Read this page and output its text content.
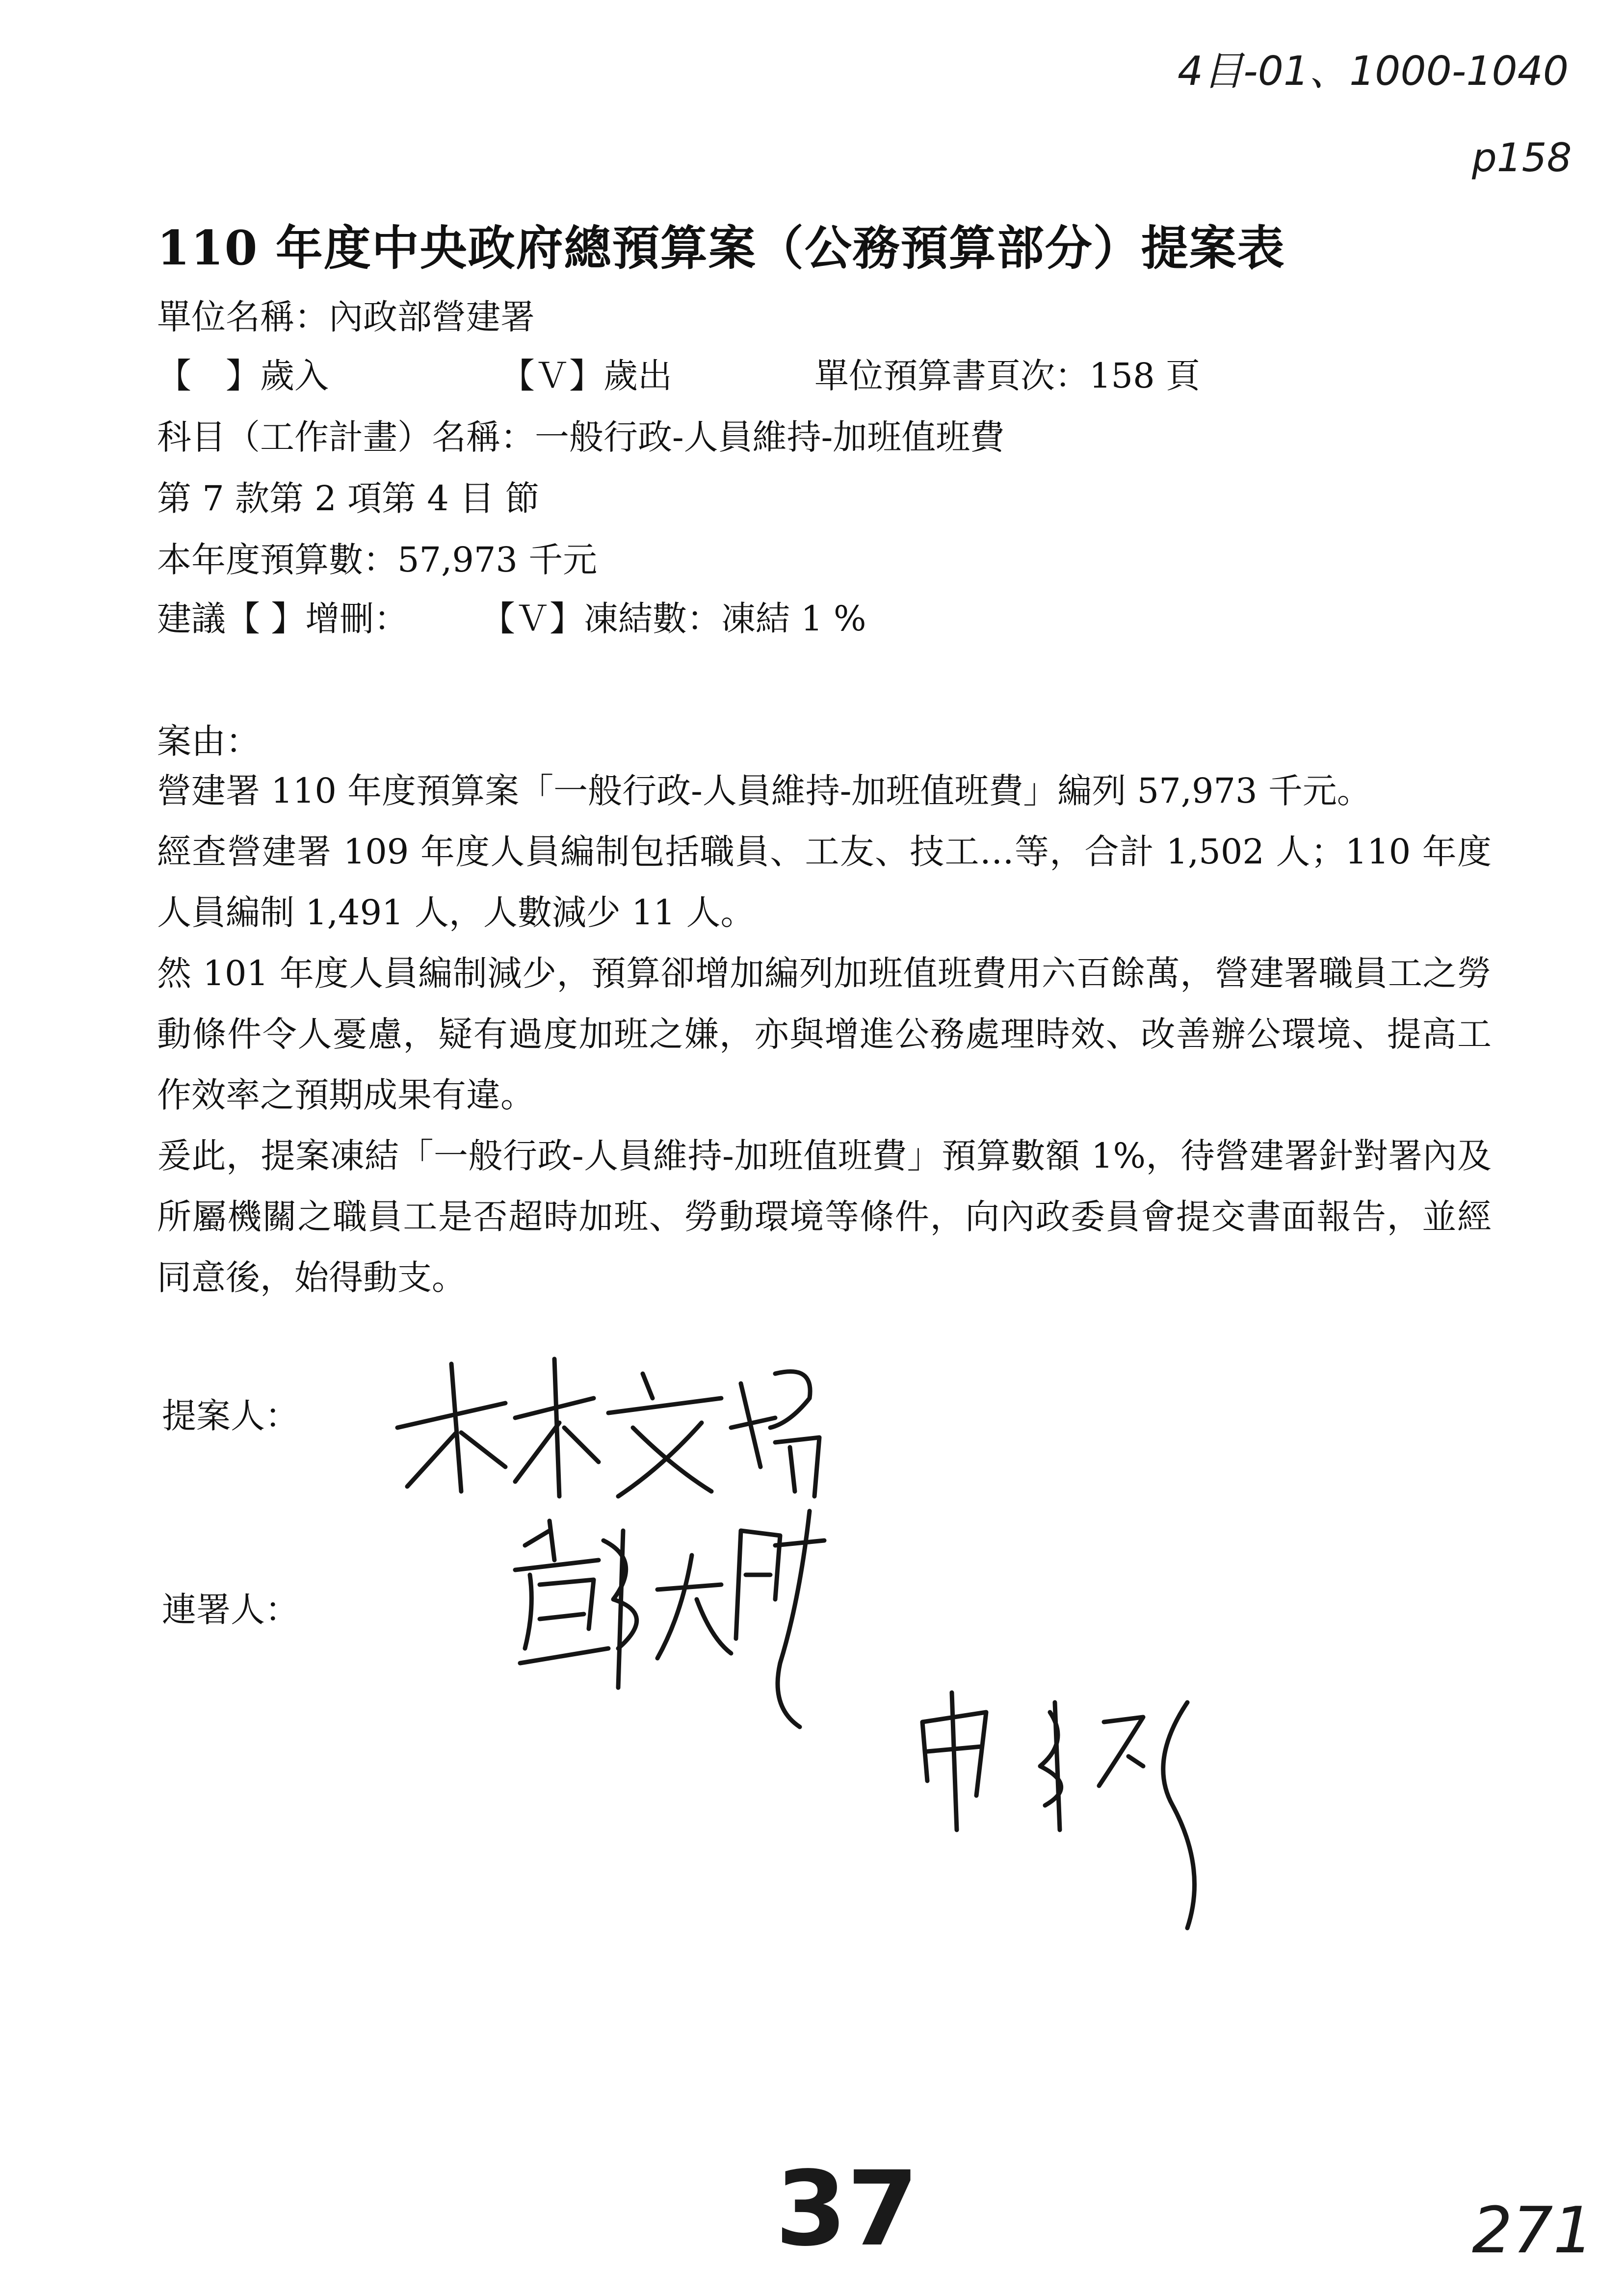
4目-01、1000-1040
p158
110 年度中央政府總預算案（公務預算部分）提案表
單位名稱：內政部營建署
【　】歲入	【Ｖ】歲出	單位預算書頁次：158 頁
科目（工作計畫）名稱：一般行政-人員維持-加班值班費
第 7 款第 2 項第 4 目 節
本年度預算數：57,973 千元
建議【 】增刪： 【Ｖ】凍結數：凍結 1 %
案由：

營建署 110 年度預算案「一般行政-人員維持-加班值班費」編列 57,973 千元。

經查營建署 109 年度人員編制包括職員、工友、技工…等，合計 1,502 人；110 年度人員編制 1,491 人，人數減少 11 人。

然 101 年度人員編制減少，預算卻增加編列加班值班費用六百餘萬，營建署職員工之勞動條件令人憂慮，疑有過度加班之嫌，亦與增進公務處理時效、改善辦公環境、提高工作效率之預期成果有違。

爰此，提案凍結「一般行政-人員維持-加班值班費」預算數額 1%，待營建署針對署內及所屬機關之職員工是否超時加班、勞動環境等條件，向內政委員會提交書面報告，並經同意後，始得動支。

提案人：
連署人：
37	271
